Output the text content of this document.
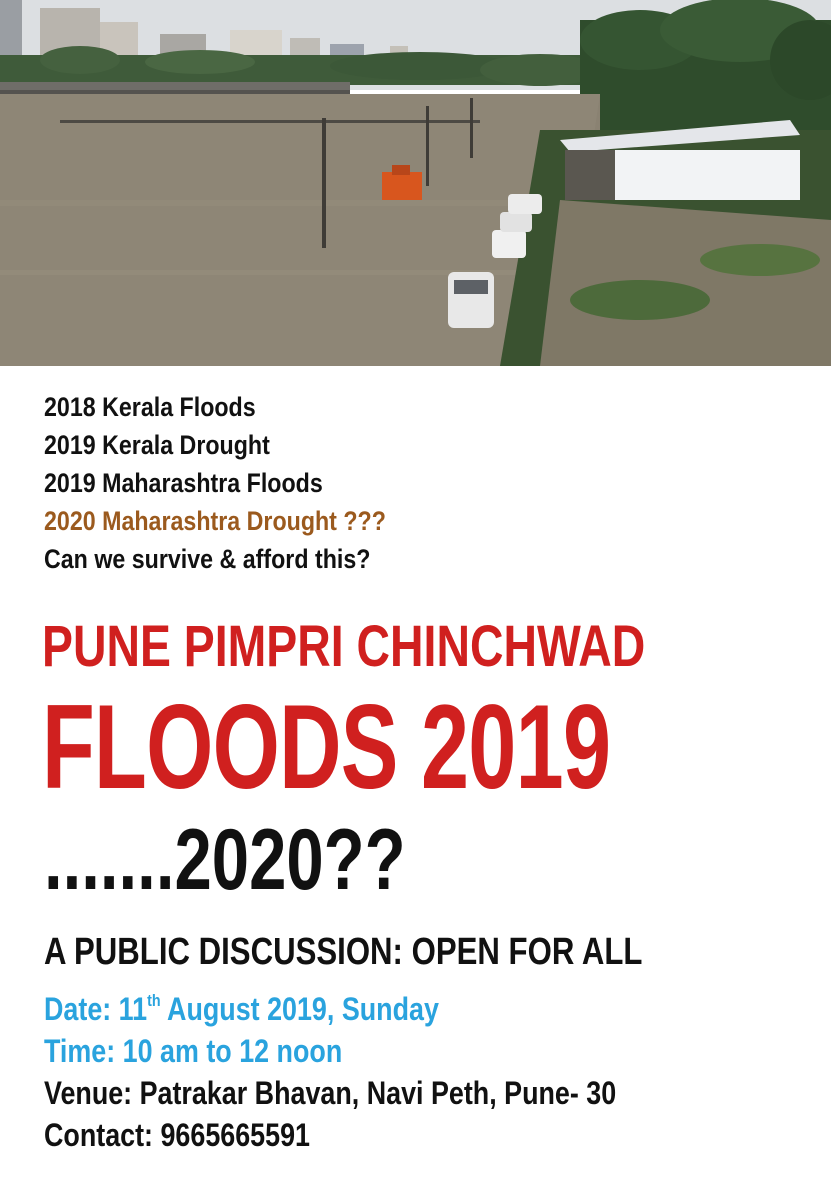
2018 Kerala Floods
2019 Kerala Drought
2019 Maharashtra Floods
2020 Maharashtra Drought ???
Can we survive & afford this?
PUNE PIMPRI CHINCHWAD
FLOODS 2019
.......2020??
A PUBLIC DISCUSSION: OPEN FOR ALL
Date: 11th August 2019, Sunday
Time: 10 am to 12 noon
Venue: Patrakar Bhavan, Navi Peth, Pune- 30
Contact: 9665665591
